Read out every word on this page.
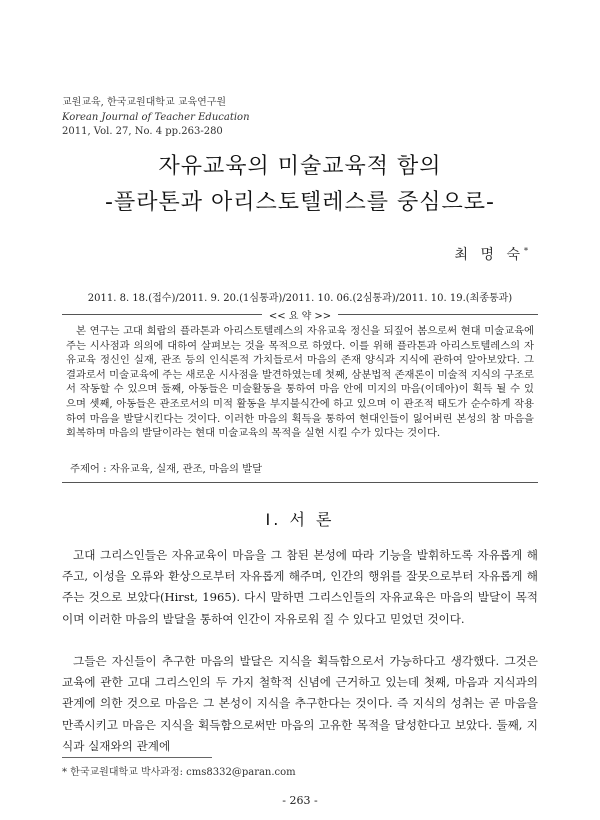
교원교육, 한국교원대학교 교육연구원
Korean Journal of Teacher Education
2011, Vol. 27, No. 4 pp.263-280
자유교육의 미술교육적 함의
-플라톤과 아리스토텔레스를 중심으로-
최 명 숙*
2011. 8. 18.(접수)/2011. 9. 20.(1심통과)/2011. 10. 06.(2심통과)/2011. 10. 19.(최종통과)
<< 요 약 >>

본 연구는 고대 희랍의 플라톤과 아리스토텔레스의 자유교육 정신을 되짚어 봄으로써 현대 미술교육에 주는 시사점과 의의에 대하여 살펴보는 것을 목적으로 하였다. 이를 위해 플라톤과 아리스토텔레스의 자유교육 정신인 실재, 관조 등의 인식론적 가치들로서 마음의 존재 양식과 지식에 관하여 알아보았다. 그 결과로서 미술교육에 주는 새로운 시사점을 발견하였는데 첫째, 삼분법적 존재론이 미술적 지식의 구조로서 작동할 수 있으며 둘째, 아동들은 미술활동을 통하여 마음 안에 미지의 마음(이데아)이 획득 될 수 있으며 셋째, 아동들은 관조로서의 미적 활동을 부지불식간에 하고 있으며 이 관조적 태도가 순수하게 작용하여 마음을 발달시킨다는 것이다. 이러한 마음의 획득을 통하여 현대인들이 잃어버린 본성의 참 마음을 회복하며 마음의 발달이라는 현대 미술교육의 목적을 실현 시킬 수가 있다는 것이다.

주제어 : 자유교육, 실재, 관조, 마음의 발달
Ⅰ. 서 론

고대 그리스인들은 자유교육이 마음을 그 참된 본성에 따라 기능을 발휘하도록 자유롭게 해주고, 이성을 오류와 환상으로부터 자유롭게 해주며, 인간의 행위를 잘못으로부터 자유롭게 해주는 것으로 보았다(Hirst, 1965). 다시 말하면 그리스인들의 자유교육은 마음의 발달이 목적이며 이러한 마음의 발달을 통하여 인간이 자유로워 질 수 있다고 믿었던 것이다.

그들은 자신들이 추구한 마음의 발달은 지식을 획득함으로서 가능하다고 생각했다. 그것은 교육에 관한 고대 그리스인의 두 가지 철학적 신념에 근거하고 있는데 첫째, 마음과 지식과의 관계에 의한 것으로 마음은 그 본성이 지식을 추구한다는 것이다. 즉 지식의 성취는 곧 마음을 만족시키고 마음은 지식을 획득함으로써만 마음의 고유한 목적을 달성한다고 보았다. 둘째, 지식과 실재와의 관계에

* 한국교원대학교 박사과정: cms8332@paran.com
- 263 -
